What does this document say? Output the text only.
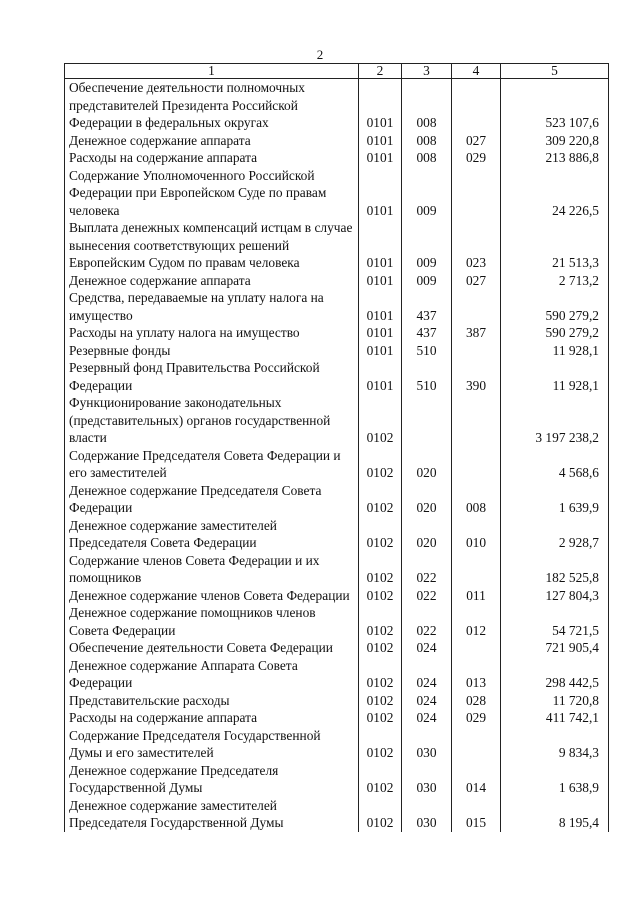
2
1	2	3	4	5
Обеспечение деятельности полномочных представителей Президента Российской Федерации в федеральных округах	0101	008		523 107,6
Денежное содержание аппарата	0101	008	027	309 220,8
Расходы на содержание аппарата	0101	008	029	213 886,8
Содержание Уполномоченного Российской Федерации при Европейском Суде по правам человека	0101	009		24 226,5
Выплата денежных компенсаций истцам в случае вынесения соответствующих решений Европейским Судом по правам человека	0101	009	023	21 513,3
Денежное содержание аппарата	0101	009	027	2 713,2
Средства, передаваемые на уплату налога на имущество	0101	437		590 279,2
Расходы на уплату налога на имущество	0101	437	387	590 279,2
Резервные фонды	0101	510		11 928,1
Резервный фонд Правительства Российской Федерации	0101	510	390	11 928,1
Функционирование законодательных (представительных) органов государственной власти	0102			3 197 238,2
Содержание Председателя Совета Федерации и его заместителей	0102	020		4 568,6
Денежное содержание Председателя Совета Федерации	0102	020	008	1 639,9
Денежное содержание заместителей Председателя Совета Федерации	0102	020	010	2 928,7
Содержание членов Совета Федерации и их помощников	0102	022		182 525,8
Денежное содержание членов Совета Федерации	0102	022	011	127 804,3
Денежное содержание помощников членов Совета Федерации	0102	022	012	54 721,5
Обеспечение деятельности Совета Федерации	0102	024		721 905,4
Денежное содержание Аппарата Совета Федерации	0102	024	013	298 442,5
Представительские расходы	0102	024	028	11 720,8
Расходы на содержание аппарата	0102	024	029	411 742,1
Содержание Председателя Государственной Думы и его заместителей	0102	030		9 834,3
Денежное содержание Председателя Государственной Думы	0102	030	014	1 638,9
Денежное содержание заместителей Председателя Государственной Думы	0102	030	015	8 195,4
